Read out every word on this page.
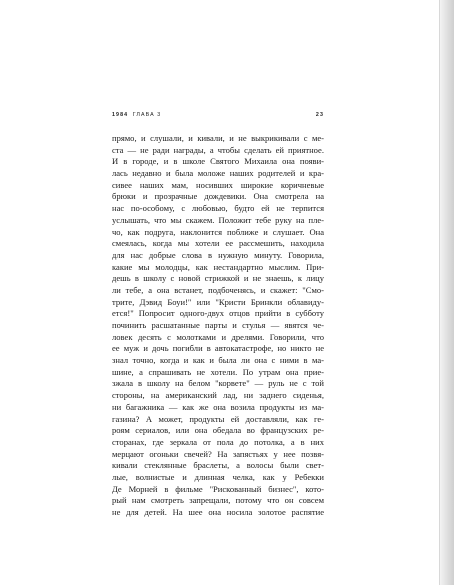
1984 ГЛАВА 3	23
прямо, и слушали, и кивали, и не выкрикивали с ме-
ста — не ради награды, а чтобы сделать ей приятное.
И в городе, и в школе Святого Михаила она появи-
лась недавно и была моложе наших родителей и кра-
сивее наших мам, носивших широкие коричневые
брюки и прозрачные дождевики. Она смотрела на
нас по-особому, с любовью, будто ей не терпится
услышать, что мы скажем. Положит тебе руку на пле-
чо, как подруга, наклонится поближе и слушает. Она
смеялась, когда мы хотели ее рассмешить, находила
для нас добрые слова в нужную минуту. Говорила,
какие мы молодцы, как нестандартно мыслим. При-
дешь в школу с новой стрижкой и не знаешь, к лицу
ли тебе, а она встанет, подбоченясь, и скажет: "Смо-
трите, Дэвид Боуи!" или "Кристи Бринкли облавиду-
ется!" Попросит одного-двух отцов прийти в субботу
починить расшатанные парты и стулья — явятся че-
ловек десять с молотками и дрелями. Говорили, что
ее муж и дочь погибли в автокатастрофе, но никто не
знал точно, когда и как и была ли она с ними в ма-
шине, а спрашивать не хотели. По утрам она прие-
зжала в школу на белом "корвете" — руль не с той
стороны, на американский лад, ни заднего сиденья,
ни багажника — как же она возила продукты из ма-
газина? А может, продукты ей доставляли, как ге-
роям сериалов, или она обедала во французских ре-
сторанах, где зеркала от пола до потолка, а в них
мерцают огоньки свечей? На запястьях у нее позвя-
кивали стеклянные браслеты, а волосы были свет-
лые, волнистые и длинная челка, как у Ребекки
Де Морней в фильме "Рискованный бизнес", кото-
рый нам смотреть запрещали, потому что он совсем
не для детей. На шее она носила золотое распятие
